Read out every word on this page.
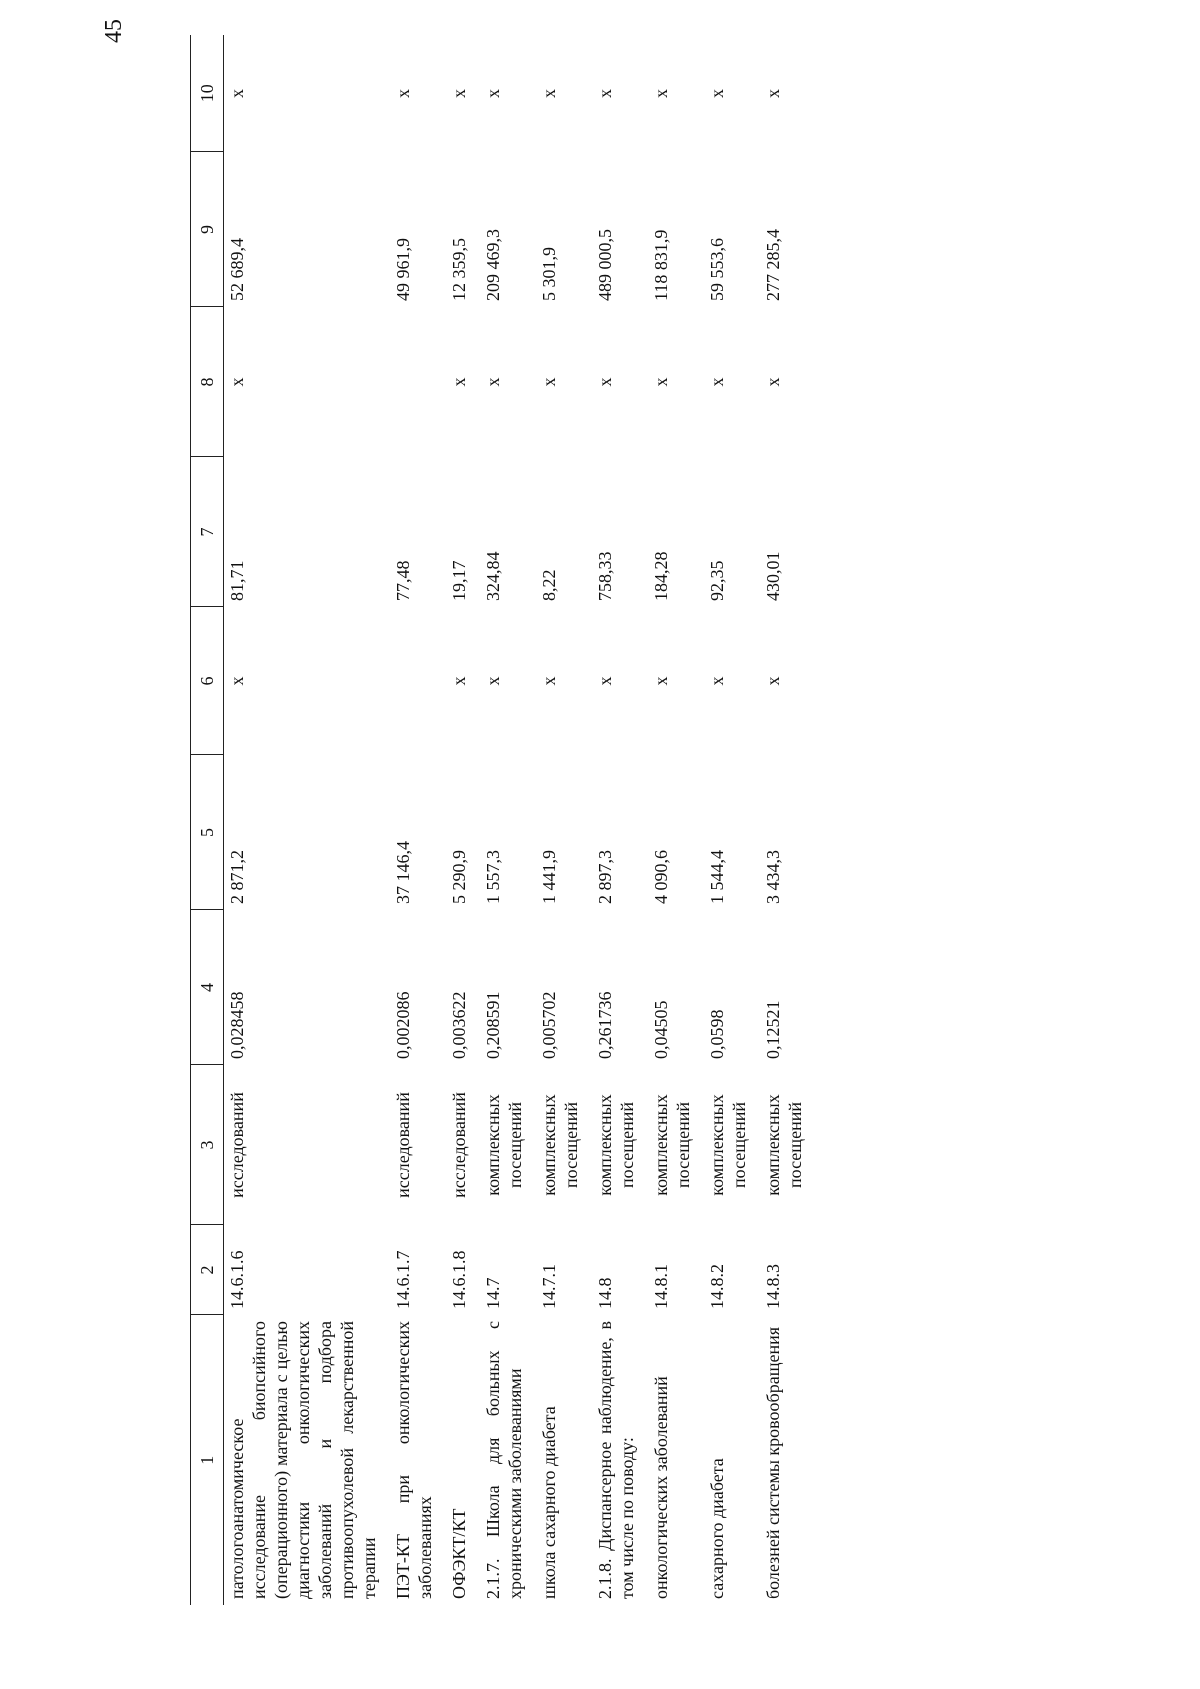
45
1	2	3	4	5	6	7	8	9	10
патологоанатомическое исследование биопсийного (операционного) материала с целью диагностики онкологических заболеваний и подбора противоопухолевой лекарственной терапии	14.6.1.6	исследований	0,028458	2 871,2	x	81,71	x	52 689,4	x
ПЭТ-КТ при онкологических заболеваниях	14.6.1.7	исследований	0,002086	37 146,4		77,48		49 961,9	x
ОФЭКТ/КТ	14.6.1.8	исследований	0,003622	5 290,9	x	19,17	x	12 359,5	x
2.1.7. Школа для больных с хроническими заболеваниями	14.7	комплексных посещений	0,208591	1 557,3	x	324,84	x	209 469,3	x
школа сахарного диабета	14.7.1	комплексных посещений	0,005702	1 441,9	x	8,22	x	5 301,9	x
2.1.8. Диспансерное наблюдение, в том числе по поводу:	14.8	комплексных посещений	0,261736	2 897,3	x	758,33	x	489 000,5	x
онкологических заболеваний	14.8.1	комплексных посещений	0,04505	4 090,6	x	184,28	x	118 831,9	x
сахарного диабета	14.8.2	комплексных посещений	0,0598	1 544,4	x	92,35	x	59 553,6	x
болезней системы кровообращения	14.8.3	комплексных посещений	0,12521	3 434,3	x	430,01	x	277 285,4	x
